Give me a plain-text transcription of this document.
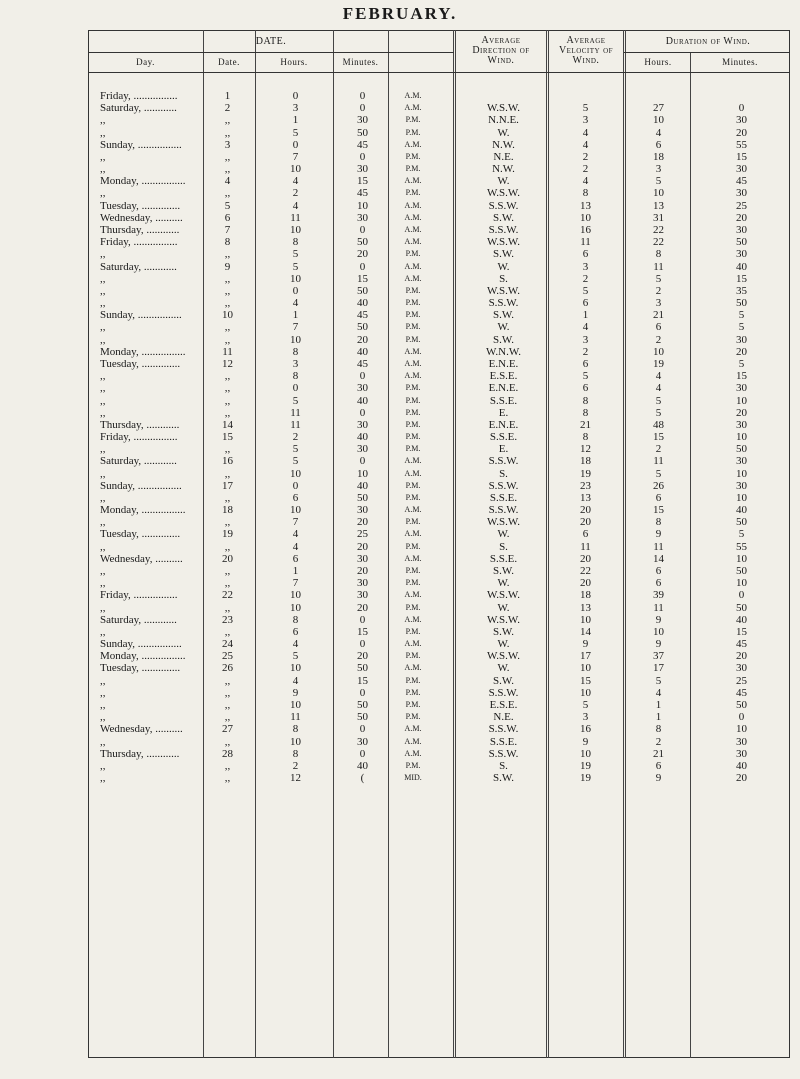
FEBRUARY.
DATE.
Day.	Date.	Hours.	Minutes.
Average Direction of Wind.
Average Velocity of Wind.
Duration of Wind.
Hours.	Minutes.
Friday, ................	1	0	0	A.M.
Saturday, ............	2	3	0	A.M.	W.S.W.	5	27	0
,,	,,	1	30	P.M.	N.N.E.	3	10	30
,,	,,	5	50	P.M.	W.	4	4	20
Sunday, ................	3	0	45	A.M.	N.W.	4	6	55
,,	,,	7	0	P.M.	N.E.	2	18	15
,,	,,	10	30	P.M.	N.W.	2	3	30
Monday, ................	4	4	15	A.M.	W.	4	5	45
,,	,,	2	45	P.M.	W.S.W.	8	10	30
Tuesday, ..............	5	4	10	A.M.	S.S.W.	13	13	25
Wednesday, ..........	6	11	30	A.M.	S.W.	10	31	20
Thursday, ............	7	10	0	A.M.	S.S.W.	16	22	30
Friday, ................	8	8	50	A.M.	W.S.W.	11	22	50
,,	,,	5	20	P.M.	S.W.	6	8	30
Saturday, ............	9	5	0	A.M.	W.	3	11	40
,,	,,	10	15	A.M.	S.	2	5	15
,,	,,	0	50	P.M.	W.S.W.	5	2	35
,,	,,	4	40	P.M.	S.S.W.	6	3	50
Sunday, ................	10	1	45	P.M.	S.W.	1	21	5
,,	,,	7	50	P.M.	W.	4	6	5
,,	,,	10	20	P.M.	S.W.	3	2	30
Monday, ................	11	8	40	A.M.	W.N.W.	2	10	20
Tuesday, ..............	12	3	45	A.M.	E.N.E.	6	19	5
,,	,,	8	0	A.M.	E.S.E.	5	4	15
,,	,,	0	30	P.M.	E.N.E.	6	4	30
,,	,,	5	40	P.M.	S.S.E.	8	5	10
,,	,,	11	0	P.M.	E.	8	5	20
Thursday, ............	14	11	30	P.M.	E.N.E.	21	48	30
Friday, ................	15	2	40	P.M.	S.S.E.	8	15	10
,,	,,	5	30	P.M.	E.	12	2	50
Saturday, ............	16	5	0	A.M.	S.S.W.	18	11	30
,,	,,	10	10	A.M.	S.	19	5	10
Sunday, ................	17	0	40	P.M.	S.S.W.	23	26	30
,,	,,	6	50	P.M.	S.S.E.	13	6	10
Monday, ................	18	10	30	A.M.	S.S.W.	20	15	40
,,	,,	7	20	P.M.	W.S.W.	20	8	50
Tuesday, ..............	19	4	25	A.M.	W.	6	9	5
,,	,,	4	20	P.M.	S.	11	11	55
Wednesday, ..........	20	6	30	A.M.	S.S.E.	20	14	10
,,	,,	1	20	P.M.	S.W.	22	6	50
,,	,,	7	30	P.M.	W.	20	6	10
Friday, ................	22	10	30	A.M.	W.S.W.	18	39	0
,,	,,	10	20	P.M.	W.	13	11	50
Saturday, ............	23	8	0	A.M.	W.S.W.	10	9	40
,,	,,	6	15	P.M.	S.W.	14	10	15
Sunday, ................	24	4	0	A.M.	W.	9	9	45
Monday, ................	25	5	20	P.M.	W.S.W.	17	37	20
Tuesday, ..............	26	10	50	A.M.	W.	10	17	30
,,	,,	4	15	P.M.	S.W.	15	5	25
,,	,,	9	0	P.M.	S.S.W.	10	4	45
,,	,,	10	50	P.M.	E.S.E.	5	1	50
,,	,,	11	50	P.M.	N.E.	3	1	0
Wednesday, ..........	27	8	0	A.M.	S.S.W.	16	8	10
,,	,,	10	30	A.M.	S.S.E.	9	2	30
Thursday, ............	28	8	0	A.M.	S.S.W.	10	21	30
,,	,,	2	40	P.M.	S.	19	6	40
,,	,,	12	(	MID.	S.W.	19	9	20
